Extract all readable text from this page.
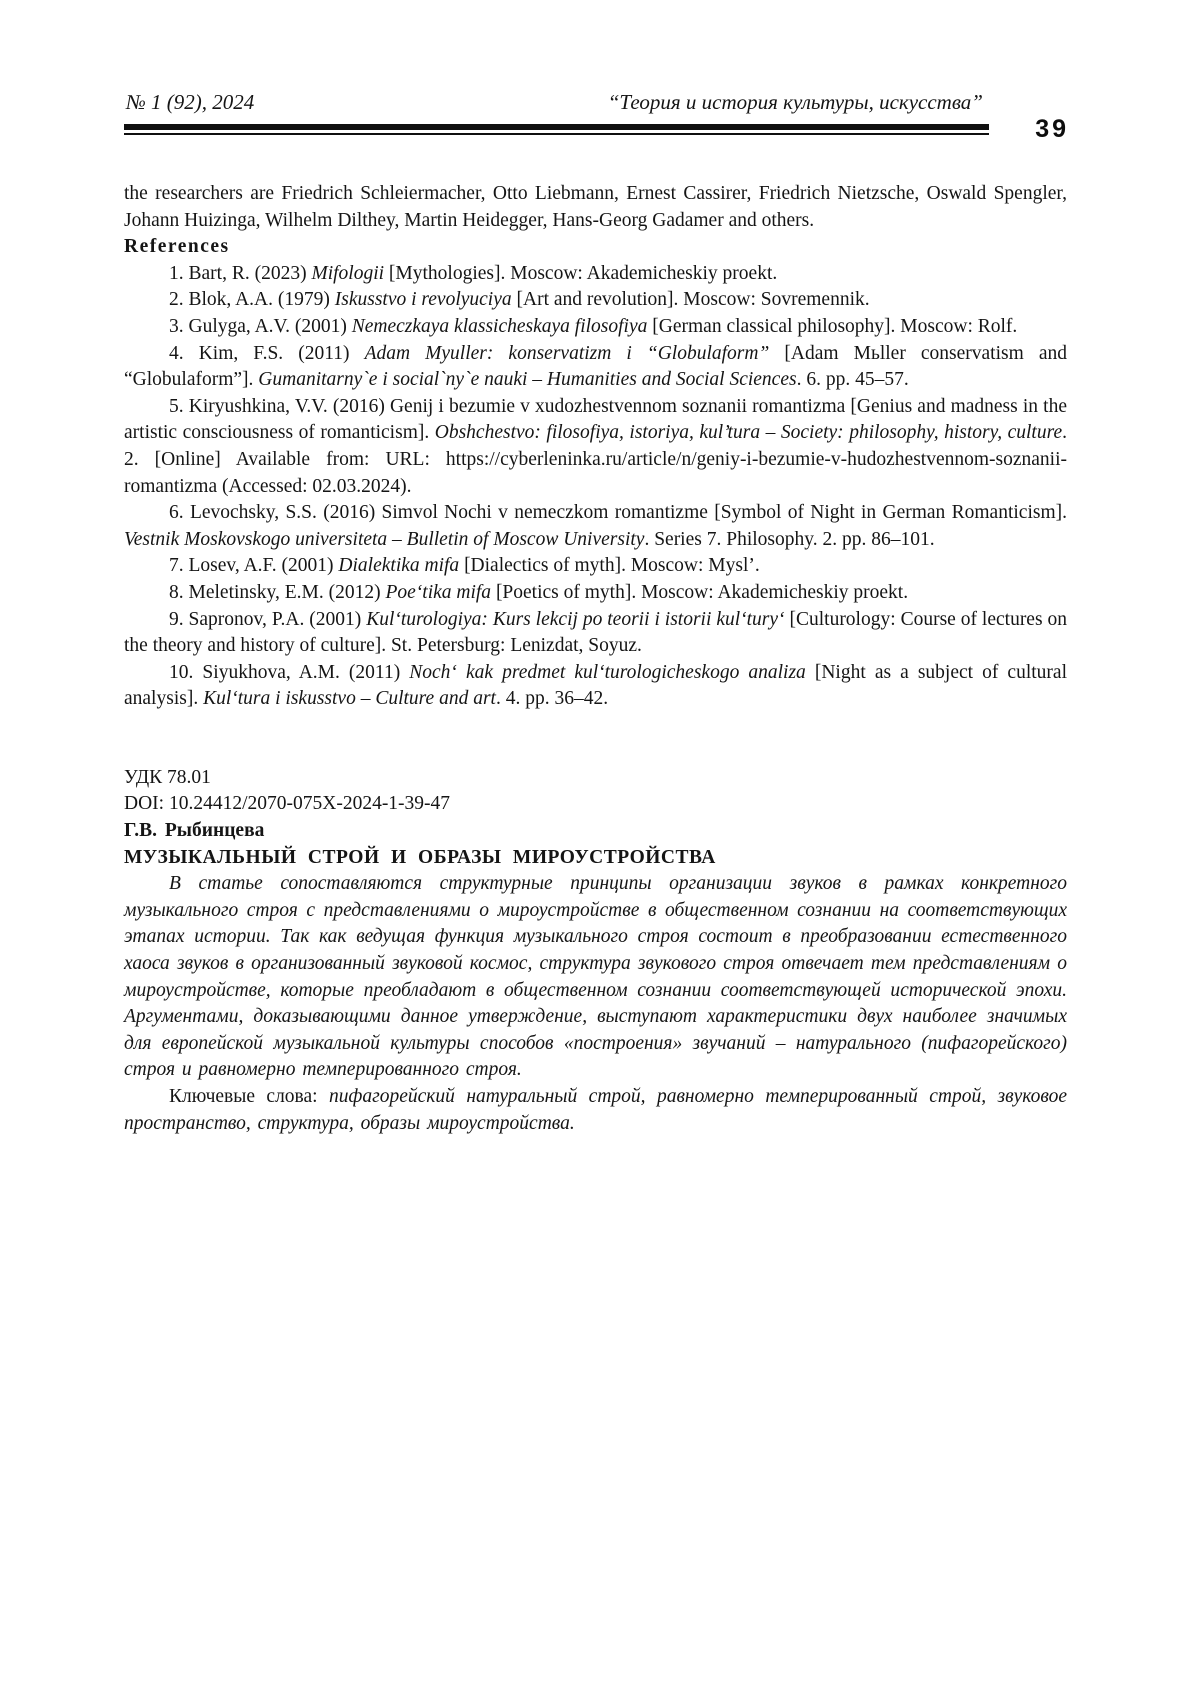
№ 1 (92), 2024	“Теория и история культуры, искусства”
39

the researchers are Friedrich Schleiermacher, Otto Liebmann, Ernest Cassirer, Friedrich Nietzsche, Oswald Spengler, Johann Huizinga, Wilhelm Dilthey, Martin Heidegger, Hans-Georg Gadamer and others.

References

1. Bart, R. (2023) Mifologii [Mythologies]. Moscow: Akademicheskiy proekt.

2. Blok, A.A. (1979) Iskusstvo i revolyuciya [Art and revolution]. Moscow: Sovremennik.

3. Gulyga, A.V. (2001) Nemeczkaya klassicheskaya filosofiya [German classical philosophy]. Moscow: Rolf.

4. Kim, F.S. (2011) Adam Myuller: konservatizm i “Globulaform” [Adam Mьller conservatism and “Globulaform”]. Gumanitarny`e i social`ny`e nauki – Humanities and Social Sciences. 6. pp. 45–57.

5. Kiryushkina, V.V. (2016) Genij i bezumie v xudozhestvennom soznanii romantizma [Genius and madness in the artistic consciousness of romanticism]. Obshchestvo: filosofiya, istoriya, kul’tura – Society: philosophy, history, culture. 2. [Online] Available from: URL: https://cyberleninka.ru/article/n/geniy-i-bezumie-v-hudozhestvennom-soznanii-romantizma (Accessed: 02.03.2024).

6. Levochsky, S.S. (2016) Simvol Nochi v nemeczkom romantizme [Symbol of Night in German Romanticism]. Vestnik Moskovskogo universiteta – Bulletin of Moscow University. Series 7. Philosophy. 2. pp. 86–101.

7. Losev, A.F. (2001) Dialektika mifa [Dialectics of myth]. Moscow: Mysl’.

8. Meletinsky, E.M. (2012) Poe‘tika mifa [Poetics of myth]. Moscow: Akademicheskiy proekt.

9. Sapronov, P.A. (2001) Kul‘turologiya: Kurs lekcij po teorii i istorii kul‘tury‘ [Culturology: Course of lectures on the theory and history of culture]. St. Petersburg: Lenizdat, Soyuz.

10. Siyukhova, A.M. (2011) Noch‘ kak predmet kul‘turologicheskogo analiza [Night as a subject of cultural analysis]. Kul‘tura i iskusstvo – Culture and art. 4. pp. 36–42.

УДК 78.01

DOI: 10.24412/2070-075X-2024-1-39-47

Г.В. Рыбинцева

МУЗЫКАЛЬНЫЙ СТРОЙ И ОБРАЗЫ МИРОУСТРОЙСТВА

В статье сопоставляются структурные принципы организации звуков в рамках конкретного музыкального строя с представлениями о мироустройстве в общественном сознании на соответствующих этапах истории. Так как ведущая функция музыкального строя состоит в преобразовании естественного хаоса звуков в организованный звуковой космос, структура звукового строя отвечает тем представлениям о мироустройстве, которые преобладают в общественном сознании соответствующей исторической эпохи. Аргументами, доказывающими данное утверждение, выступают характеристики двух наиболее значимых для европейской музыкальной культуры способов «построения» звучаний – натурального (пифагорейского) строя и равномерно темперированного строя.

Ключевые слова: пифагорейский натуральный строй, равномерно темперированный строй, звуковое пространство, структура, образы мироустройства.
